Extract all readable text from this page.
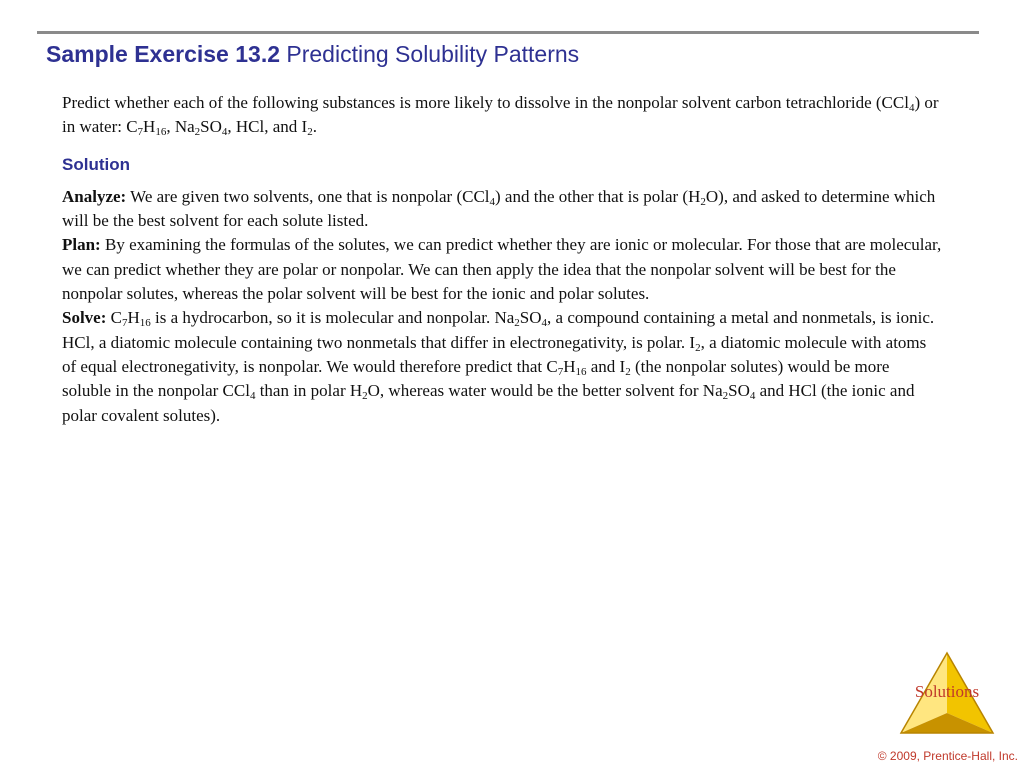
Sample Exercise 13.2 Predicting Solubility Patterns

Predict whether each of the following substances is more likely to dissolve in the nonpolar solvent carbon tetrachloride (CCl$_4$) or in water: $C_7H_{16}$, $Na_2SO_4$, HCl, and $I_2$.

Solution

Analyze: We are given two solvents, one that is nonpolar (CCl$_4$) and the other that is polar $(H_2O)$, and asked to determine which will be the best solvent for each solute listed.

Plan: By examining the formulas of the solutes, we can predict whether they are ionic or molecular. For those that are molecular, we can predict whether they are polar or nonpolar. We can then apply the idea that the nonpolar solvent will be best for the nonpolar solutes, whereas the polar solvent will be best for the ionic and polar solutes.

Solve: $C_7H_{16}$ is a hydrocarbon, so it is molecular and nonpolar. $Na_2SO_4$, a compound containing a metal and nonmetals, is ionic. HCl, a diatomic molecule containing two nonmetals that differ in electronegativity, is polar. $I_2$, a diatomic molecule with atoms of equal electronegativity, is nonpolar. We would therefore predict that $C_7H_{16}$ and $I_2$ (the nonpolar solutes) would be more soluble in the nonpolar CCl$_4$ than in polar $H_2O$, whereas water would be the better solvent for $Na_2SO_4$ and HCl (the ionic and polar covalent solutes).

Solutions
© 2009, Prentice-Hall, Inc.
